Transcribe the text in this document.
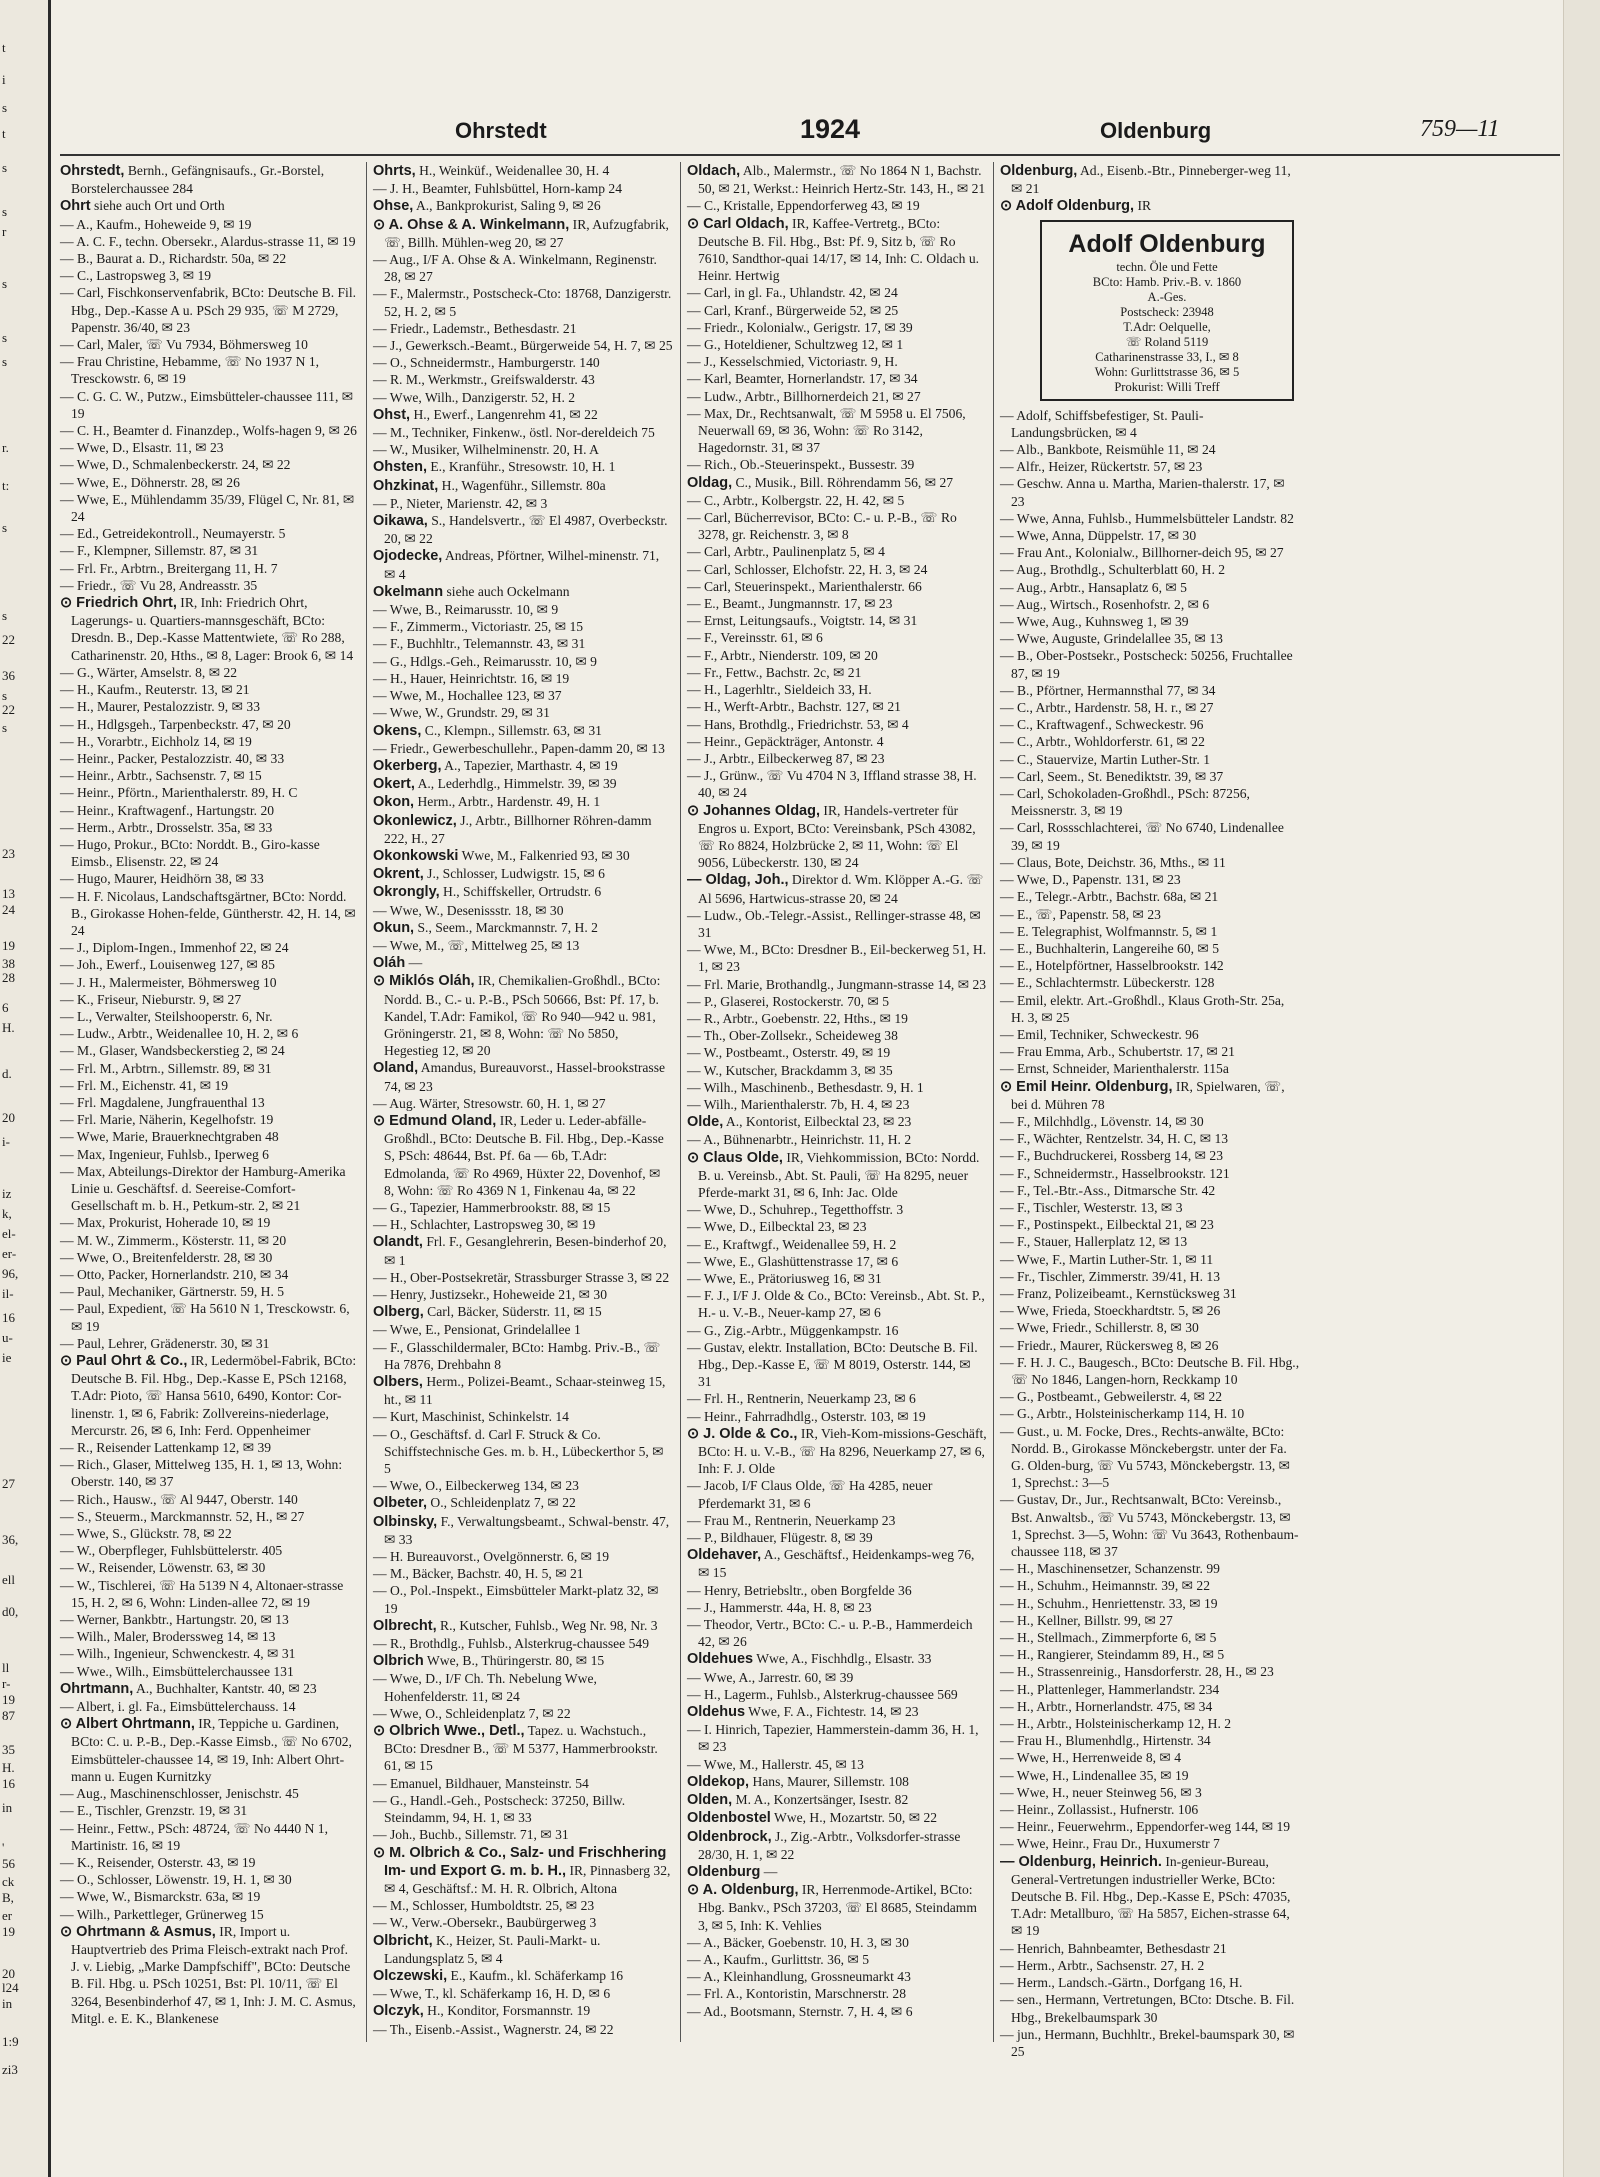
t
i
s
t
s
s
r
s
s
s
r.
t:
s
s
22
36
s
22
s
23
13
24
19
38
28
6
H.
d.
20
i-
iz
k,
el-
er-
96,
il-
16
u-
ie
27
36,
ell
d0,
ll
r-
19
87
35
H.
16
in
'
56
ck
B,
er
19
20
l24
in
1:9
zi3
Ohrstedt	1924	Oldenburg	759—11

Ohrstedt, Bernh., Gefängnisaufs., Gr.-Borstel, Borstelerchaussee 284

Ohrt siehe auch Ort und Orth

— A., Kaufm., Hoheweide 9, ✉ 19

— A. C. F., techn. Obersekr., Alardus-strasse 11, ✉ 19

— B., Baurat a. D., Richardstr. 50a, ✉ 22

— C., Lastropsweg 3, ✉ 19

— Carl, Fischkonservenfabrik, BCto: Deutsche B. Fil. Hbg., Dep.-Kasse A u. PSch 29 935, ☏ M 2729, Papenstr. 36/40, ✉ 23

— Carl, Maler, ☏ Vu 7934, Böhmersweg 10

— Frau Christine, Hebamme, ☏ No 1937 N 1, Tresckowstr. 6, ✉ 19

— C. G. C. W., Putzw., Eimsbütteler-chaussee 111, ✉ 19

— C. H., Beamter d. Finanzdep., Wolfs-hagen 9, ✉ 26

— Wwe, D., Elsastr. 11, ✉ 23

— Wwe, D., Schmalenbeckerstr. 24, ✉ 22

— Wwe, E., Döhnerstr. 28, ✉ 26

— Wwe, E., Mühlendamm 35/39, Flügel C, Nr. 81, ✉ 24

— Ed., Getreidekontroll., Neumayerstr. 5

— F., Klempner, Sillemstr. 87, ✉ 31

— Frl. Fr., Arbtrn., Breitergang 11, H. 7

— Friedr., ☏ Vu 28, Andreasstr. 35

⊙ Friedrich Ohrt, IR, Inh: Friedrich Ohrt, Lagerungs- u. Quartiers-mannsgeschäft, BCto: Dresdn. B., Dep.-Kasse Mattentwiete, ☏ Ro 288, Catharinenstr. 20, Hths., ✉ 8, Lager: Brook 6, ✉ 14

— G., Wärter, Amselstr. 8, ✉ 22

— H., Kaufm., Reuterstr. 13, ✉ 21

— H., Maurer, Pestalozzistr. 9, ✉ 33

— H., Hdlgsgeh., Tarpenbeckstr. 47, ✉ 20

— H., Vorarbtr., Eichholz 14, ✉ 19

— Heinr., Packer, Pestalozzistr. 40, ✉ 33

— Heinr., Arbtr., Sachsenstr. 7, ✉ 15

— Heinr., Pförtn., Marienthalerstr. 89, H. C

— Heinr., Kraftwagenf., Hartungstr. 20

— Herm., Arbtr., Drosselstr. 35a, ✉ 33

— Hugo, Prokur., BCto: Norddt. B., Giro-kasse Eimsb., Elisenstr. 22, ✉ 24

— Hugo, Maurer, Heidhörn 38, ✉ 33

— H. F. Nicolaus, Landschaftsgärtner, BCto: Nordd. B., Girokasse Hohen-felde, Güntherstr. 42, H. 14, ✉ 24

— J., Diplom-Ingen., Immenhof 22, ✉ 24

— Joh., Ewerf., Louisenweg 127, ✉ 85

— J. H., Malermeister, Böhmersweg 10

— K., Friseur, Nieburstr. 9, ✉ 27

— L., Verwalter, Steilshooperstr. 6, Nr.

— Ludw., Arbtr., Weidenallee 10, H. 2, ✉ 6

— M., Glaser, Wandsbeckerstieg 2, ✉ 24

— Frl. M., Arbtrn., Sillemstr. 89, ✉ 31

— Frl. M., Eichenstr. 41, ✉ 19

— Frl. Magdalene, Jungfrauenthal 13

— Frl. Marie, Näherin, Kegelhofstr. 19

— Wwe, Marie, Brauerknechtgraben 48

— Max, Ingenieur, Fuhlsb., Iperweg 6

— Max, Abteilungs-Direktor der Hamburg-Amerika Linie u. Geschäftsf. d. Seereise-Comfort-Gesellschaft m. b. H., Petkum-str. 2, ✉ 21

— Max, Prokurist, Hoherade 10, ✉ 19

— M. W., Zimmerm., Kösterstr. 11, ✉ 20

— Wwe, O., Breitenfelderstr. 28, ✉ 30

— Otto, Packer, Hornerlandstr. 210, ✉ 34

— Paul, Mechaniker, Gärtnerstr. 59, H. 5

— Paul, Expedient, ☏ Ha 5610 N 1, Tresckowstr. 6, ✉ 19

— Paul, Lehrer, Grädenerstr. 30, ✉ 31

⊙ Paul Ohrt & Co., IR, Ledermöbel-Fabrik, BCto: Deutsche B. Fil. Hbg., Dep.-Kasse E, PSch 12168, T.Adr: Pioto, ☏ Hansa 5610, 6490, Kontor: Cor-linenstr. 1, ✉ 6, Fabrik: Zollvereins-niederlage, Mercurstr. 26, ✉ 6, Inh: Ferd. Oppenheimer

— R., Reisender Lattenkamp 12, ✉ 39

— Rich., Glaser, Mittelweg 135, H. 1, ✉ 13, Wohn: Oberstr. 140, ✉ 37

— Rich., Hausw., ☏ Al 9447, Oberstr. 140

— S., Steuerm., Marckmannstr. 52, H., ✉ 27

— Wwe, S., Glückstr. 78, ✉ 22

— W., Oberpfleger, Fuhlsbüttelerstr. 405

— W., Reisender, Löwenstr. 63, ✉ 30

— W., Tischlerei, ☏ Ha 5139 N 4, Altonaer-strasse 15, H. 2, ✉ 6, Wohn: Linden-allee 72, ✉ 19

— Werner, Bankbtr., Hartungstr. 20, ✉ 13

— Wilh., Maler, Broderssweg 14, ✉ 13

— Wilh., Ingenieur, Schwenckestr. 4, ✉ 31

— Wwe., Wilh., Eimsbüttelerchaussee 131

Ohrtmann, A., Buchhalter, Kantstr. 40, ✉ 23

— Albert, i. gl. Fa., Eimsbüttelerchauss. 14

⊙ Albert Ohrtmann, IR, Teppiche u. Gardinen, BCto: C. u. P.-B., Dep.-Kasse Eimsb., ☏ No 6702, Eimsbütteler-chaussee 14, ✉ 19, Inh: Albert Ohrt-mann u. Eugen Kurnitzky

— Aug., Maschinenschlosser, Jenischstr. 45

— E., Tischler, Grenzstr. 19, ✉ 31

— Heinr., Fettw., PSch: 48724, ☏ No 4440 N 1, Martinistr. 16, ✉ 19

— K., Reisender, Osterstr. 43, ✉ 19

— O., Schlosser, Löwenstr. 19, H. 1, ✉ 30

— Wwe, W., Bismarckstr. 63a, ✉ 19

— Wilh., Parkettleger, Grünerweg 15

⊙ Ohrtmann & Asmus, IR, Import u. Hauptvertrieb des Prima Fleisch-extrakt nach Prof. J. v. Liebig, „Marke Dampfschiff", BCto: Deutsche B. Fil. Hbg. u. PSch 10251, Bst: Pl. 10/11, ☏ El 3264, Besenbinderhof 47, ✉ 1, Inh: J. M. C. Asmus, Mitgl. e. E. K., Blankenese

Ohrts, H., Weinküf., Weidenallee 30, H. 4

— J. H., Beamter, Fuhlsbüttel, Horn-kamp 24

Ohse, A., Bankprokurist, Saling 9, ✉ 26

⊙ A. Ohse & A. Winkelmann, IR, Aufzugfabrik, ☏, Billh. Mühlen-weg 20, ✉ 27

— Aug., I/F A. Ohse & A. Winkelmann, Reginenstr. 28, ✉ 27

— F., Malermstr., Postscheck-Cto: 18768, Danzigerstr. 52, H. 2, ✉ 5

— Friedr., Lademstr., Bethesdastr. 21

— J., Gewerksch.-Beamt., Bürgerweide 54, H. 7, ✉ 25

— O., Schneidermstr., Hamburgerstr. 140

— R. M., Werkmstr., Greifswalderstr. 43

— Wwe, Wilh., Danzigerstr. 52, H. 2

Ohst, H., Ewerf., Langenrehm 41, ✉ 22

— M., Techniker, Finkenw., östl. Nor-dereldeich 75

— W., Musiker, Wilhelminenstr. 20, H. A

Ohsten, E., Kranführ., Stresowstr. 10, H. 1

Ohzkinat, H., Wagenführ., Sillemstr. 80a

— P., Nieter, Marienstr. 42, ✉ 3

Oikawa, S., Handelsvertr., ☏ El 4987, Overbeckstr. 20, ✉ 22

Ojodecke, Andreas, Pförtner, Wilhel-minenstr. 71, ✉ 4

Okelmann siehe auch Ockelmann

— Wwe, B., Reimarusstr. 10, ✉ 9

— F., Zimmerm., Victoriastr. 25, ✉ 15

— F., Buchhltr., Telemannstr. 43, ✉ 31

— G., Hdlgs.-Geh., Reimarusstr. 10, ✉ 9

— H., Hauer, Heinrichtstr. 16, ✉ 19

— Wwe, M., Hochallee 123, ✉ 37

— Wwe, W., Grundstr. 29, ✉ 31

Okens, C., Klempn., Sillemstr. 63, ✉ 31

— Friedr., Gewerbeschullehr., Papen-damm 20, ✉ 13

Okerberg, A., Tapezier, Marthastr. 4, ✉ 19

Okert, A., Lederhdlg., Himmelstr. 39, ✉ 39

Okon, Herm., Arbtr., Hardenstr. 49, H. 1

Okonlewicz, J., Arbtr., Billhorner Röhren-damm 222, H., 27

Okonkowski Wwe, M., Falkenried 93, ✉ 30

Okrent, J., Schlosser, Ludwigstr. 15, ✉ 6

Okrongly, H., Schiffskeller, Ortrudstr. 6

— Wwe, W., Desenissstr. 18, ✉ 30

Okun, S., Seem., Marckmannstr. 7, H. 2

— Wwe, M., ☏, Mittelweg 25, ✉ 13

Oláh —

⊙ Miklós Oláh, IR, Chemikalien-Großhdl., BCto: Nordd. B., C.- u. P.-B., PSch 50666, Bst: Pf. 17, b. Kandel, T.Adr: Famikol, ☏ Ro 940—942 u. 981, Gröningerstr. 21, ✉ 8, Wohn: ☏ No 5850, Hegestieg 12, ✉ 20

Oland, Amandus, Bureauvorst., Hassel-brookstrasse 74, ✉ 23

— Aug. Wärter, Stresowstr. 60, H. 1, ✉ 27

⊙ Edmund Oland, IR, Leder u. Leder-abfälle-Großhdl., BCto: Deutsche B. Fil. Hbg., Dep.-Kasse S, PSch: 48644, Bst. Pf. 6a — 6b, T.Adr: Edmolanda, ☏ Ro 4969, Hüxter 22, Dovenhof, ✉ 8, Wohn: ☏ Ro 4369 N 1, Finkenau 4a, ✉ 22

— G., Tapezier, Hammerbrookstr. 88, ✉ 15

— H., Schlachter, Lastropsweg 30, ✉ 19

Olandt, Frl. F., Gesanglehrerin, Besen-binderhof 20, ✉ 1

— H., Ober-Postsekretär, Strassburger Strasse 3, ✉ 22

— Henry, Justizsekr., Hoheweide 21, ✉ 30

Olberg, Carl, Bäcker, Süderstr. 11, ✉ 15

— Wwe, E., Pensionat, Grindelallee 1

— F., Glasschildermaler, BCto: Hambg. Priv.-B., ☏ Ha 7876, Drehbahn 8

Olbers, Herm., Polizei-Beamt., Schaar-steinweg 15, ht., ✉ 11

— Kurt, Maschinist, Schinkelstr. 14

— O., Geschäftsf. d. Carl F. Struck & Co. Schiffstechnische Ges. m. b. H., Lübeckerthor 5, ✉ 5

— Wwe, O., Eilbeckerweg 134, ✉ 23

Olbeter, O., Schleidenplatz 7, ✉ 22

Olbinsky, F., Verwaltungsbeamt., Schwal-benstr. 47, ✉ 33

— H. Bureauvorst., Ovelgönnerstr. 6, ✉ 19

— M., Bäcker, Bachstr. 40, H. 5, ✉ 21

— O., Pol.-Inspekt., Eimsbütteler Markt-platz 32, ✉ 19

Olbrecht, R., Kutscher, Fuhlsb., Weg Nr. 98, Nr. 3

— R., Brothdlg., Fuhlsb., Alsterkrug-chaussee 549

Olbrich Wwe, B., Thüringerstr. 80, ✉ 15

— Wwe, D., I/F Ch. Th. Nebelung Wwe, Hohenfelderstr. 11, ✉ 24

— Wwe, O., Schleidenplatz 7, ✉ 22

⊙ Olbrich Wwe., Detl., Tapez. u. Wachstuch., BCto: Dresdner B., ☏ M 5377, Hammerbrookstr. 61, ✉ 15

— Emanuel, Bildhauer, Mansteinstr. 54

— G., Handl.-Geh., Postscheck: 37250, Billw. Steindamm, 94, H. 1, ✉ 33

— Joh., Buchb., Sillemstr. 71, ✉ 31

⊙ M. Olbrich & Co., Salz- und Frischhering Im- und Export G. m. b. H., IR, Pinnasberg 32, ✉ 4, Geschäftsf.: M. H. R. Olbrich, Altona

— M., Schlosser, Humboldtstr. 25, ✉ 23

— W., Verw.-Obersekr., Baubürgerweg 3

Olbricht, K., Heizer, St. Pauli-Markt- u. Landungsplatz 5, ✉ 4

Olczewski, E., Kaufm., kl. Schäferkamp 16

— Wwe, T., kl. Schäferkamp 16, H. D, ✉ 6

Olczyk, H., Konditor, Forsmannstr. 19

— Th., Eisenb.-Assist., Wagnerstr. 24, ✉ 22

Oldach, Alb., Malermstr., ☏ No 1864 N 1, Bachstr. 50, ✉ 21, Werkst.: Heinrich Hertz-Str. 143, H., ✉ 21

— C., Kristalle, Eppendorferweg 43, ✉ 19

⊙ Carl Oldach, IR, Kaffee-Vertretg., BCto: Deutsche B. Fil. Hbg., Bst: Pf. 9, Sitz b, ☏ Ro 7610, Sandthor-quai 14/17, ✉ 14, Inh: C. Oldach u. Heinr. Hertwig

— Carl, in gl. Fa., Uhlandstr. 42, ✉ 24

— Carl, Kranf., Bürgerweide 52, ✉ 25

— Friedr., Kolonialw., Gerigstr. 17, ✉ 39

— G., Hoteldiener, Schultzweg 12, ✉ 1

— J., Kesselschmied, Victoriastr. 9, H.

— Karl, Beamter, Hornerlandstr. 17, ✉ 34

— Ludw., Arbtr., Billhornerdeich 21, ✉ 27

— Max, Dr., Rechtsanwalt, ☏ M 5958 u. El 7506, Neuerwall 69, ✉ 36, Wohn: ☏ Ro 3142, Hagedornstr. 31, ✉ 37

— Rich., Ob.-Steuerinspekt., Bussestr. 39

Oldag, C., Musik., Bill. Röhrendamm 56, ✉ 27

— C., Arbtr., Kolbergstr. 22, H. 42, ✉ 5

— Carl, Bücherrevisor, BCto: C.- u. P.-B., ☏ Ro 3278, gr. Reichenstr. 3, ✉ 8

— Carl, Arbtr., Paulinenplatz 5, ✉ 4

— Carl, Schlosser, Elchofstr. 22, H. 3, ✉ 24

— Carl, Steuerinspekt., Marienthalerstr. 66

— E., Beamt., Jungmannstr. 17, ✉ 23

— Ernst, Leitungsaufs., Voigtstr. 14, ✉ 31

— F., Vereinsstr. 61, ✉ 6

— F., Arbtr., Nienderstr. 109, ✉ 20

— Fr., Fettw., Bachstr. 2c, ✉ 21

— H., Lagerhltr., Sieldeich 33, H.

— H., Werft-Arbtr., Bachstr. 127, ✉ 21

— Hans, Brothdlg., Friedrichstr. 53, ✉ 4

— Heinr., Gepäckträger, Antonstr. 4

— J., Arbtr., Eilbeckerweg 87, ✉ 23

— J., Grünw., ☏ Vu 4704 N 3, Iffland strasse 38, H. 40, ✉ 24

⊙ Johannes Oldag, IR, Handels-vertreter für Engros u. Export, BCto: Vereinsbank, PSch 43082, ☏ Ro 8824, Holzbrücke 2, ✉ 11, Wohn: ☏ El 9056, Lübeckerstr. 130, ✉ 24

— Oldag, Joh., Direktor d. Wm. Klöpper A.-G. ☏ Al 5696, Hartwicus-strasse 20, ✉ 24

— Ludw., Ob.-Telegr.-Assist., Rellinger-strasse 48, ✉ 31

— Wwe, M., BCto: Dresdner B., Eil-beckerweg 51, H. 1, ✉ 23

— Frl. Marie, Brothandlg., Jungmann-strasse 14, ✉ 23

— P., Glaserei, Rostockerstr. 70, ✉ 5

— R., Arbtr., Goebenstr. 22, Hths., ✉ 19

— Th., Ober-Zollsekr., Scheideweg 38

— W., Postbeamt., Osterstr. 49, ✉ 19

— W., Kutscher, Brackdamm 3, ✉ 35

— Wilh., Maschinenb., Bethesdastr. 9, H. 1

— Wilh., Marienthalerstr. 7b, H. 4, ✉ 23

Olde, A., Kontorist, Eilbecktal 23, ✉ 23

— A., Bühnenarbtr., Heinrichstr. 11, H. 2

⊙ Claus Olde, IR, Viehkommission, BCto: Nordd. B. u. Vereinsb., Abt. St. Pauli, ☏ Ha 8295, neuer Pferde-markt 31, ✉ 6, Inh: Jac. Olde

— Wwe, D., Schuhrep., Tegetthoffstr. 3

— Wwe, D., Eilbecktal 23, ✉ 23

— E., Kraftwgf., Weidenallee 59, H. 2

— Wwe, E., Glashüttenstrasse 17, ✉ 6

— Wwe, E., Prätoriusweg 16, ✉ 31

— F. J., I/F J. Olde & Co., BCto: Vereinsb., Abt. St. P., H.- u. V.-B., Neuer-kamp 27, ✉ 6

— G., Zig.-Arbtr., Müggenkampstr. 16

— Gustav, elektr. Installation, BCto: Deutsche B. Fil. Hbg., Dep.-Kasse E, ☏ M 8019, Osterstr. 144, ✉ 31

— Frl. H., Rentnerin, Neuerkamp 23, ✉ 6

— Heinr., Fahrradhdlg., Osterstr. 103, ✉ 19

⊙ J. Olde & Co., IR, Vieh-Kom-missions-Geschäft, BCto: H. u. V.-B., ☏ Ha 8296, Neuerkamp 27, ✉ 6, Inh: F. J. Olde

— Jacob, I/F Claus Olde, ☏ Ha 4285, neuer Pferdemarkt 31, ✉ 6

— Frau M., Rentnerin, Neuerkamp 23

— P., Bildhauer, Flügestr. 8, ✉ 39

Oldehaver, A., Geschäftsf., Heidenkamps-weg 76, ✉ 15

— Henry, Betriebsltr., oben Borgfelde 36

— J., Hammerstr. 44a, H. 8, ✉ 23

— Theodor, Vertr., BCto: C.- u. P.-B., Hammerdeich 42, ✉ 26

Oldehues Wwe, A., Fischhdlg., Elsastr. 33

— Wwe, A., Jarrestr. 60, ✉ 39

— H., Lagerm., Fuhlsb., Alsterkrug-chaussee 569

Oldehus Wwe, F. A., Fichtestr. 14, ✉ 23

— I. Hinrich, Tapezier, Hammerstein-damm 36, H. 1, ✉ 23

— Wwe, M., Hallerstr. 45, ✉ 13

Oldekop, Hans, Maurer, Sillemstr. 108

Olden, M. A., Konzertsänger, Isestr. 82

Oldenbostel Wwe, H., Mozartstr. 50, ✉ 22

Oldenbrock, J., Zig.-Arbtr., Volksdorfer-strasse 28/30, H. 1, ✉ 22

Oldenburg —

⊙ A. Oldenburg, IR, Herrenmode-Artikel, BCto: Hbg. Bankv., PSch 37203, ☏ El 8685, Steindamm 3, ✉ 5, Inh: K. Vehlies

— A., Bäcker, Goebenstr. 10, H. 3, ✉ 30

— A., Kaufm., Gurlittstr. 36, ✉ 5

— A., Kleinhandlung, Grossneumarkt 43

— Frl. A., Kontoristin, Marschnerstr. 28

— Ad., Bootsmann, Sternstr. 7, H. 4, ✉ 6

Oldenburg, Ad., Eisenb.-Btr., Pinneberger-weg 11, ✉ 21

⊙ Adolf Oldenburg, IR

Adolf Oldenburg
techn. Öle und Fette
BCto: Hamb. Priv.-B. v. 1860
A.-Ges.
Postscheck: 23948
T.Adr: Oelquelle,
☏ Roland 5119
Catharinenstrasse 33, I., ✉ 8
Wohn: Gurlittstrasse 36, ✉ 5
Prokurist: Willi Treff

— Adolf, Schiffsbefestiger, St. Pauli-Landungsbrücken, ✉ 4

— Alb., Bankbote, Reismühle 11, ✉ 24

— Alfr., Heizer, Rückertstr. 57, ✉ 23

— Geschw. Anna u. Martha, Marien-thalerstr. 17, ✉ 23

— Wwe, Anna, Fuhlsb., Hummelsbütteler Landstr. 82

— Wwe, Anna, Düppelstr. 17, ✉ 30

— Frau Ant., Kolonialw., Billhorner-deich 95, ✉ 27

— Aug., Brothdlg., Schulterblatt 60, H. 2

— Aug., Arbtr., Hansaplatz 6, ✉ 5

— Aug., Wirtsch., Rosenhofstr. 2, ✉ 6

— Wwe, Aug., Kuhnsweg 1, ✉ 39

— Wwe, Auguste, Grindelallee 35, ✉ 13

— B., Ober-Postsekr., Postscheck: 50256, Fruchtallee 87, ✉ 19

— B., Pförtner, Hermannsthal 77, ✉ 34

— C., Arbtr., Hardenstr. 58, H. r., ✉ 27

— C., Kraftwagenf., Schweckestr. 96

— C., Arbtr., Wohldorferstr. 61, ✉ 22

— C., Stauervize, Martin Luther-Str. 1

— Carl, Seem., St. Benediktstr. 39, ✉ 37

— Carl, Schokoladen-Großhdl., PSch: 87256, Meissnerstr. 3, ✉ 19

— Carl, Rossschlachterei, ☏ No 6740, Lindenallee 39, ✉ 19

— Claus, Bote, Deichstr. 36, Mths., ✉ 11

— Wwe, D., Papenstr. 131, ✉ 23

— E., Telegr.-Arbtr., Bachstr. 68a, ✉ 21

— E., ☏, Papenstr. 58, ✉ 23

— E. Telegraphist, Wolfmannstr. 5, ✉ 1

— E., Buchhalterin, Langereihe 60, ✉ 5

— E., Hotelpförtner, Hasselbrookstr. 142

— E., Schlachtermstr. Lübeckerstr. 128

— Emil, elektr. Art.-Großhdl., Klaus Groth-Str. 25a, H. 3, ✉ 25

— Emil, Techniker, Schweckestr. 96

— Frau Emma, Arb., Schubertstr. 17, ✉ 21

— Ernst, Schneider, Marienthalerstr. 115a

⊙ Emil Heinr. Oldenburg, IR, Spielwaren, ☏, bei d. Mühren 78

— F., Milchhdlg., Lövenstr. 14, ✉ 30

— F., Wächter, Rentzelstr. 34, H. C, ✉ 13

— F., Buchdruckerei, Rossberg 14, ✉ 23

— F., Schneidermstr., Hasselbrookstr. 121

— F., Tel.-Btr.-Ass., Ditmarsche Str. 42

— F., Tischler, Westerstr. 13, ✉ 3

— F., Postinspekt., Eilbecktal 21, ✉ 23

— F., Stauer, Hallerplatz 12, ✉ 13

— Wwe, F., Martin Luther-Str. 1, ✉ 11

— Fr., Tischler, Zimmerstr. 39/41, H. 13

— Franz, Polizeibeamt., Kernstücksweg 31

— Wwe, Frieda, Stoeckhardtstr. 5, ✉ 26

— Wwe, Friedr., Schillerstr. 8, ✉ 30

— Friedr., Maurer, Rückersweg 8, ✉ 26

— F. H. J. C., Baugesch., BCto: Deutsche B. Fil. Hbg., ☏ No 1846, Langen-horn, Reckkamp 10

— G., Postbeamt., Gebweilerstr. 4, ✉ 22

— G., Arbtr., Holsteinischerkamp 114, H. 10

— Gust., u. M. Focke, Dres., Rechts-anwälte, BCto: Nordd. B., Girokasse Mönckebergstr. unter der Fa. G. Olden-burg, ☏ Vu 5743, Mönckebergstr. 13, ✉ 1, Sprechst.: 3—5

— Gustav, Dr., Jur., Rechtsanwalt, BCto: Vereinsb., Bst. Anwaltsb., ☏ Vu 5743, Mönckebergstr. 13, ✉ 1, Sprechst. 3—5, Wohn: ☏ Vu 3643, Rothenbaum-chaussee 118, ✉ 37

— H., Maschinensetzer, Schanzenstr. 99

— H., Schuhm., Heimannstr. 39, ✉ 22

— H., Schuhm., Henriettenstr. 33, ✉ 19

— H., Kellner, Billstr. 99, ✉ 27

— H., Stellmach., Zimmerpforte 6, ✉ 5

— H., Rangierer, Steindamm 89, H., ✉ 5

— H., Strassenreinig., Hansdorferstr. 28, H., ✉ 23

— H., Plattenleger, Hammerlandstr. 234

— H., Arbtr., Hornerlandstr. 475, ✉ 34

— H., Arbtr., Holsteinischerkamp 12, H. 2

— Frau H., Blumenhdlg., Hirtenstr. 34

— Wwe, H., Herrenweide 8, ✉ 4

— Wwe, H., Lindenallee 35, ✉ 19

— Wwe, H., neuer Steinweg 56, ✉ 3

— Heinr., Zollassist., Hufnerstr. 106

— Heinr., Feuerwehrm., Eppendorfer-weg 144, ✉ 19

— Wwe, Heinr., Frau Dr., Huxumerstr 7

— Oldenburg, Heinrich. In-genieur-Bureau, General-Vertretungen industrieller Werke, BCto: Deutsche B. Fil. Hbg., Dep.-Kasse E, PSch: 47035, T.Adr: Metallburo, ☏ Ha 5857, Eichen-strasse 64, ✉ 19

— Henrich, Bahnbeamter, Bethesdastr 21

— Herm., Arbtr., Sachsenstr. 27, H. 2

— Herm., Landsch.-Gärtn., Dorfgang 16, H.

— sen., Hermann, Vertretungen, BCto: Dtsche. B. Fil. Hbg., Brekelbaumspark 30

— jun., Hermann, Buchhltr., Brekel-baumspark 30, ✉ 25
